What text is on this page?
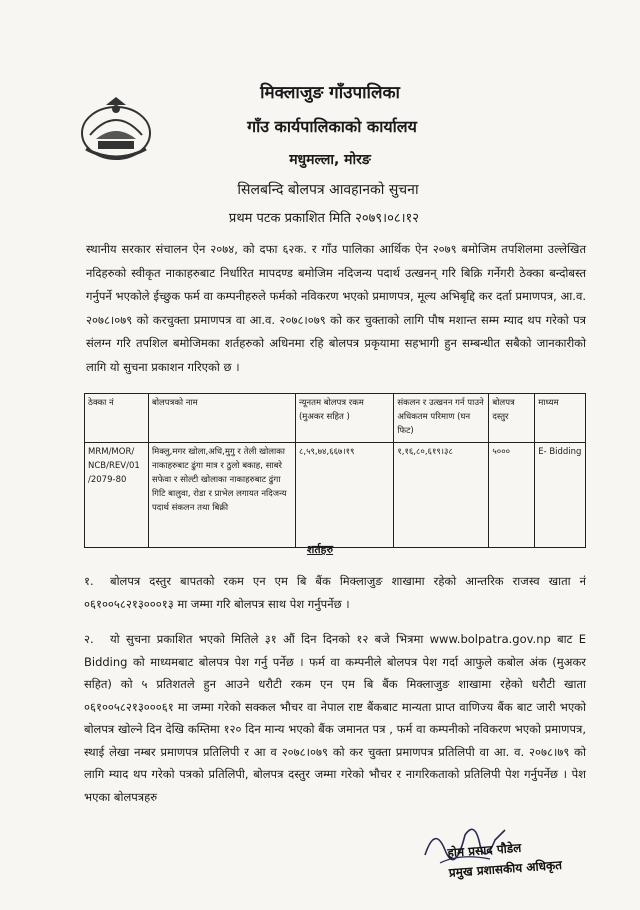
मिक्लाजुङ गाँउपालिका
गाँउ कार्यपालिकाको कार्यालय
मधुमल्ला, मोरङ
सिलबन्दि बोलपत्र आवहानको सुचना
प्रथम पटक प्रकाशित मिति २०७९।०८।१२
स्थानीय सरकार संचालन ऐन २०७४, को दफा ६२क. र गाँउ पालिका आर्थिक ऐन २०७९ बमोजिम तपशिलमा उल्लेखित नदिहरुको स्वीकृत नाकाहरुबाट निर्धारित मापदण्ड बमोजिम नदिजन्य पदार्थ उत्खनन् गरि बिक्रि गर्नेगरी ठेक्का बन्दोबस्त गर्नुपर्ने भएकोले ईच्छुक फर्म वा कम्पनीहरुले फर्मको नविकरण भएको प्रमाणपत्र, मूल्य अभिबृद्दि कर दर्ता प्रमाणपत्र, आ.व. २०७८।०७९ को करचुक्ता प्रमाणपत्र वा आ.व. २०७८।०७९ को कर चुक्ताको लागि पौष मशान्त सम्म म्याद थप गरेको पत्र संलग्न गरि तपशिल बमोजिमका शर्तहरुको अधिनमा रहि बोलपत्र प्रकृयामा सहभागी हुन सम्बन्धीत सबैको जानकारीको लागि यो सुचना प्रकाशन गरिएको छ ।
ठेक्का नं	बोलपत्रको नाम	न्यूनतम बोलपत्र रकम (मुअकर सहित )	संकलन र उत्खनन गर्न पाउने अधिकतम परिमाण (घन फिट)	बोलपत्र दस्तुर	माध्यम
MRM/MOR/ NCB/REV/01 /2079-80	मिक्लु,मगर खोला,अधि,मुगु र तेली खोलाका नाकाहरुबाट ढुंगा मात्र र ठुलो बकाह, साबरे सफेवा र सोल्टी खोलाका नाकाहरुबाट ढुंगा गिटि बालुवा, रोडा र प्राभेल लगायत नदिजन्य पदार्थ संकलन तथा बिक्री	८,५९,७४,६६७।१९	१,१६,८०,६१९।३८	५०००	E- Bidding
शर्तहरु
१. बोलपत्र दस्तुर बापतको रकम एन एम बि बैंक मिक्लाजुङ शाखामा रहेको आन्तरिक राजस्व खाता नं ०६१००५८२१३०००१३ मा जम्मा गरि बोलपत्र साथ पेश गर्नुपर्नेछ ।
२. यो सुचना प्रकाशित भएको मितिले ३१ औं दिन दिनको १२ बजे भित्रमा www.bolpatra.gov.np बाट E Bidding को माध्यमबाट बोलपत्र पेश गर्नु पर्नेछ । फर्म वा कम्पनीले बोलपत्र पेश गर्दा आफुले कबोल अंक (मुअकर सहित) को ५ प्रतिशतले हुन आउने धरौटी रकम एन एम बि बैंक मिक्लाजुङ शाखामा रहेको धरौटी खाता ०६१००५८२१३०००६१ मा जम्मा गरेको सक्कल भौचर वा नेपाल राष्ट बैंकबाट मान्यता प्राप्त वाणिज्य बैंक बाट जारी भएको बोलपत्र खोल्ने दिन देखि कम्तिमा १२० दिन मान्य भएको बैंक जमानत पत्र , फर्म वा कम्पनीको नविकरण भएको प्रमाणपत्र, स्थाई लेखा नम्बर प्रमाणपत्र प्रतिलिपी र आ व २०७८।०७९ को कर चुक्ता प्रमाणपत्र प्रतिलिपी वा आ. व. २०७८।७९ को लागि म्याद थप गरेको पत्रको प्रतिलिपी, बोलपत्र दस्तुर जम्मा गरेको भौचर र नागरिकताको प्रतिलिपी पेश गर्नुपर्नेछ । पेश भएका बोलपत्रहरु
होम प्रसाद पौडेल
प्रमुख प्रशासकीय अधिकृत
